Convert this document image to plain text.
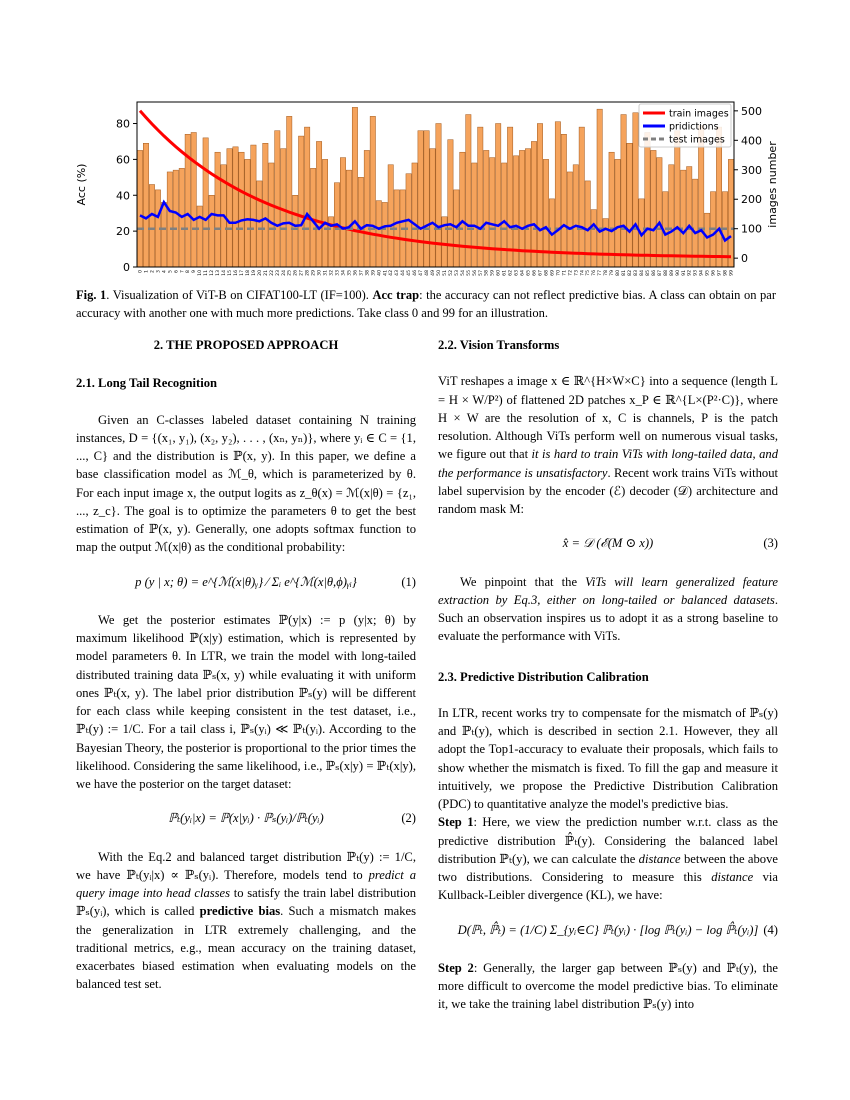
0
20
40
60
80
0
100
200
300
400
500
Acc (%)	images number
0 1 2 3 4 5 6 7 8 9 10 11 12 13 14 15 16 17 18 19 20 21 22 23 24 25 26 27 28 29 30 31 32 33 34 35 36 37 38 39 40 41 42 43 44 45 46 47 48 49 50 51 52 53 54 55 56 57 58 59 60 61 62 63 64 65 66 67 68 69 70 71 72 73 74 75 76 77 78 79 80 81 82 83 84 85 86 87 88 89 90 91 92 93 94 95 96 97 98 99
train images
pridictions
test images
Fig. 1. Visualization of ViT-B on CIFAT100-LT (IF=100). Acc trap: the accuracy can not reflect predictive bias. A class can obtain on par accuracy with another one with much more predictions. Take class 0 and 99 for an illustration.
2. THE PROPOSED APPROACH
2.1. Long Tail Recognition

Given an C-classes labeled dataset containing N training instances, D = {(x₁, y₁), (x₂, y₂), . . . , (xₙ, yₙ)}, where yᵢ ∈ C = {1, ..., C} and the distribution is ℙ(x, y). In this paper, we define a base classification model as ℳ_θ, which is parameterized by θ. For each input image x, the output logits as z_θ(x) = ℳ(x|θ) = {z₁, ..., z_c}. The goal is to optimize the parameters θ to get the best estimation of ℙ(x, y). Generally, one adopts softmax function to map the output ℳ(x|θ) as the conditional probability:

p (y | x; θ) = e^{ℳ(x|θ)ᵧ} ⁄ Σᵢ e^{ℳ(x|θ,ϕ)ᵧᵢ}	(1)

We get the posterior estimates ℙ(y|x) := p (y|x; θ) by maximum likelihood ℙ(x|y) estimation, which is represented by model parameters θ. In LTR, we train the model with long-tailed distributed training data ℙₛ(x, y) while evaluating it with uniform ones ℙₜ(x, y). The label prior distribution ℙₛ(y) will be different for each class while keeping consistent in the test dataset, i.e., ℙₜ(y) := 1/C. For a tail class i, ℙₛ(yᵢ) ≪ ℙₜ(yᵢ). According to the Bayesian Theory, the posterior is proportional to the prior times the likelihood. Considering the same likelihood, i.e., ℙₛ(x|y) = ℙₜ(x|y), we have the posterior on the target dataset:

ℙₜ(yᵢ|x) = ℙ(x|yᵢ) · ℙₛ(yᵢ)/ℙₜ(yᵢ)	(2)

With the Eq.2 and balanced target distribution ℙₜ(y) := 1/C, we have ℙₜ(yᵢ|x) ∝ ℙₛ(yᵢ). Therefore, models tend to predict a query image into head classes to satisfy the train label distribution ℙₛ(yᵢ), which is called predictive bias. Such a mismatch makes the generalization in LTR extremely challenging, and the traditional metrics, e.g., mean accuracy on the training dataset, exacerbates biased estimation when evaluating models on the balanced test set.

2.2. Vision Transforms

ViT reshapes a image x ∈ ℝ^{H×W×C} into a sequence (length L = H × W/P²) of flattened 2D patches x_P ∈ ℝ^{L×(P²·C)}, where H × W are the resolution of x, C is channels, P is the patch resolution. Although ViTs perform well on numerous visual tasks, we figure out that it is hard to train ViTs with long-tailed data, and the performance is unsatisfactory. Recent work trains ViTs without label supervision by the encoder (ℰ) decoder (𝒟) architecture and random mask M:

x̂ = 𝒟 (ℰ(M ⊙ x))	(3)

We pinpoint that the ViTs will learn generalized feature extraction by Eq.3, either on long-tailed or balanced datasets. Such an observation inspires us to adopt it as a strong baseline to evaluate the performance with ViTs.

2.3. Predictive Distribution Calibration

In LTR, recent works try to compensate for the mismatch of ℙₛ(y) and ℙₜ(y), which is described in section 2.1. However, they all adopt the Top1-accuracy to evaluate their proposals, which fails to show whether the mismatch is fixed. To fill the gap and measure it intuitively, we propose the Predictive Distribution Calibration (PDC) to quantitative analyze the model's predictive bias.

Step 1: Here, we view the prediction number w.r.t. class as the predictive distribution ℙ̂ₜ(y). Considering the balanced label distribution ℙₜ(y), we can calculate the distance between the above two distributions. Considering to measure this distance via Kullback-Leibler divergence (KL), we have:

D(ℙₜ, ℙ̂ₜ) = (1/C) Σ_{yᵢ∈C} ℙₜ(yᵢ) · [log ℙₜ(yᵢ) − log ℙ̂ₜ(yᵢ)] (4)

Step 2: Generally, the larger gap between ℙₛ(y) and ℙₜ(y), the more difficult to overcome the model predictive bias. To eliminate it, we take the training label distribution ℙₛ(y) into
